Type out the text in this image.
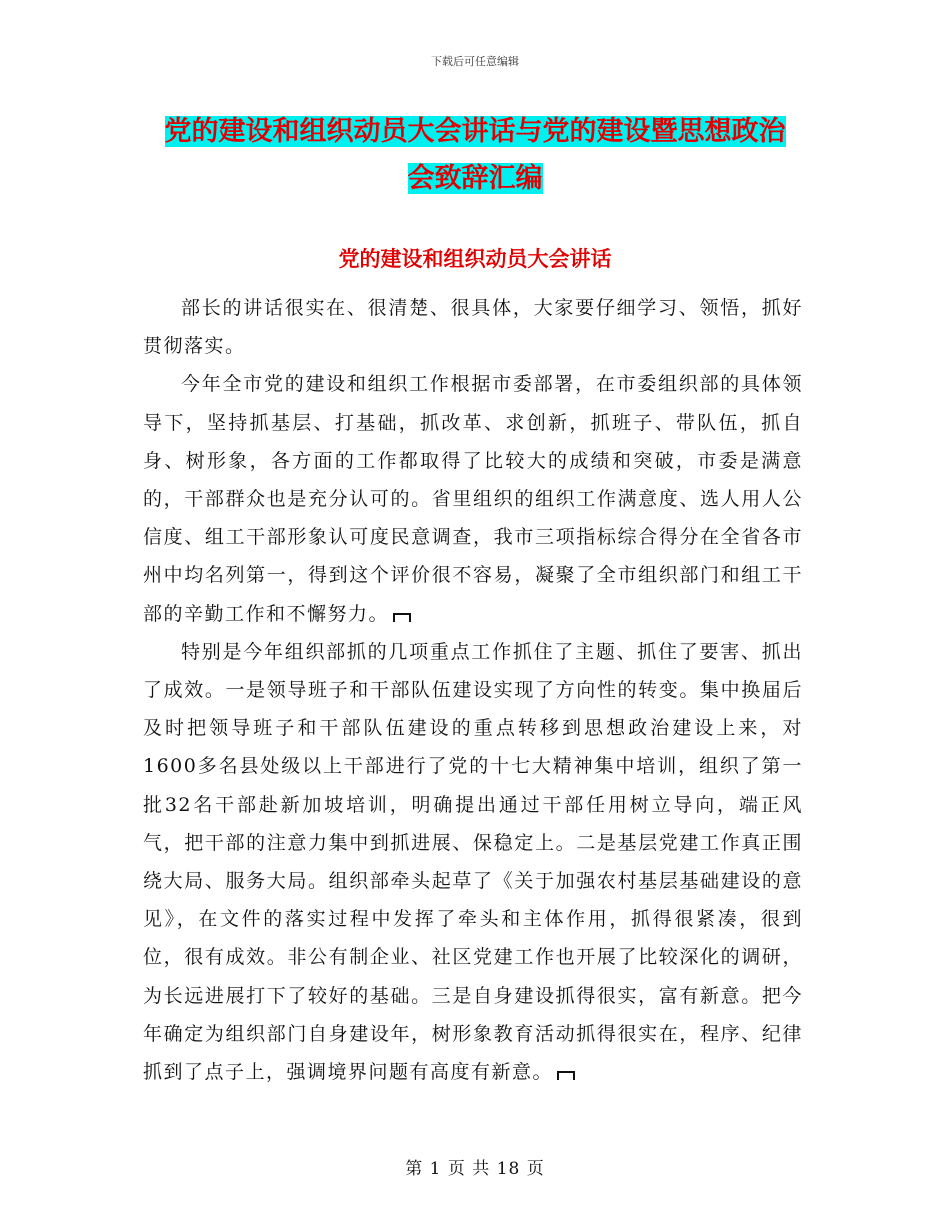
下载后可任意编辑
党的建设和组织动员大会讲话与党的建设暨思想政治
会致辞汇编
党的建设和组织动员大会讲话

部长的讲话很实在、很清楚、很具体，大家要仔细学习、领悟，抓好贯彻落实。

今年全市党的建设和组织工作根据市委部署，在市委组织部的具体领导下，坚持抓基层、打基础，抓改革、求创新，抓班子、带队伍，抓自身、树形象，各方面的工作都取得了比较大的成绩和突破，市委是满意的，干部群众也是充分认可的。省里组织的组织工作满意度、选人用人公信度、组工干部形象认可度民意调查，我市三项指标综合得分在全省各市州中均名列第一，得到这个评价很不容易，凝聚了全市组织部门和组工干部的辛勤工作和不懈努力。

特别是今年组织部抓的几项重点工作抓住了主题、抓住了要害、抓出了成效。一是领导班子和干部队伍建设实现了方向性的转变。集中换届后及时把领导班子和干部队伍建设的重点转移到思想政治建设上来，对1600多名县处级以上干部进行了党的十七大精神集中培训，组织了第一批32名干部赴新加坡培训，明确提出通过干部任用树立导向，端正风气，把干部的注意力集中到抓进展、保稳定上。二是基层党建工作真正围绕大局、服务大局。组织部牵头起草了《关于加强农村基层基础建设的意见》，在文件的落实过程中发挥了牵头和主体作用，抓得很紧凑，很到位，很有成效。非公有制企业、社区党建工作也开展了比较深化的调研，为长远进展打下了较好的基础。三是自身建设抓得很实，富有新意。把今年确定为组织部门自身建设年，树形象教育活动抓得很实在，程序、纪律抓到了点子上，强调境界问题有高度有新意。

第 1 页 共 18 页
